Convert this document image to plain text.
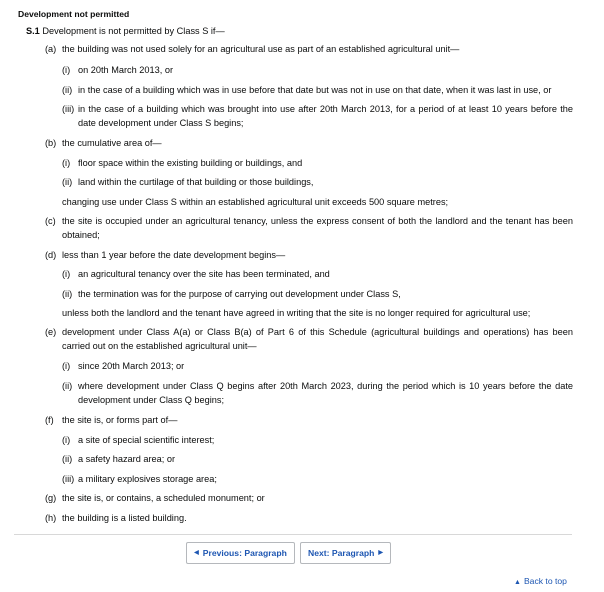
Development not permitted
S.1 Development is not permitted by Class S if—
(a) the building was not used solely for an agricultural use as part of an established agricultural unit—
(i) on 20th March 2013, or
(ii) in the case of a building which was in use before that date but was not in use on that date, when it was last in use, or
(iii) in the case of a building which was brought into use after 20th March 2013, for a period of at least 10 years before the date development under Class S begins;
(b) the cumulative area of—
(i) floor space within the existing building or buildings, and
(ii) land within the curtilage of that building or those buildings,
changing use under Class S within an established agricultural unit exceeds 500 square metres;
(c) the site is occupied under an agricultural tenancy, unless the express consent of both the landlord and the tenant has been obtained;
(d) less than 1 year before the date development begins—
(i) an agricultural tenancy over the site has been terminated, and
(ii) the termination was for the purpose of carrying out development under Class S,
unless both the landlord and the tenant have agreed in writing that the site is no longer required for agricultural use;
(e) development under Class A(a) or Class B(a) of Part 6 of this Schedule (agricultural buildings and operations) has been carried out on the established agricultural unit—
(i) since 20th March 2013; or
(ii) where development under Class Q begins after 20th March 2023, during the period which is 10 years before the date development under Class Q begins;
(f) the site is, or forms part of—
(i) a site of special scientific interest;
(ii) a safety hazard area; or
(iii) a military explosives storage area;
(g) the site is, or contains, a scheduled monument; or
(h) the building is a listed building.
◀ Previous: Paragraph Next: Paragraph ▶
▲ Back to top
